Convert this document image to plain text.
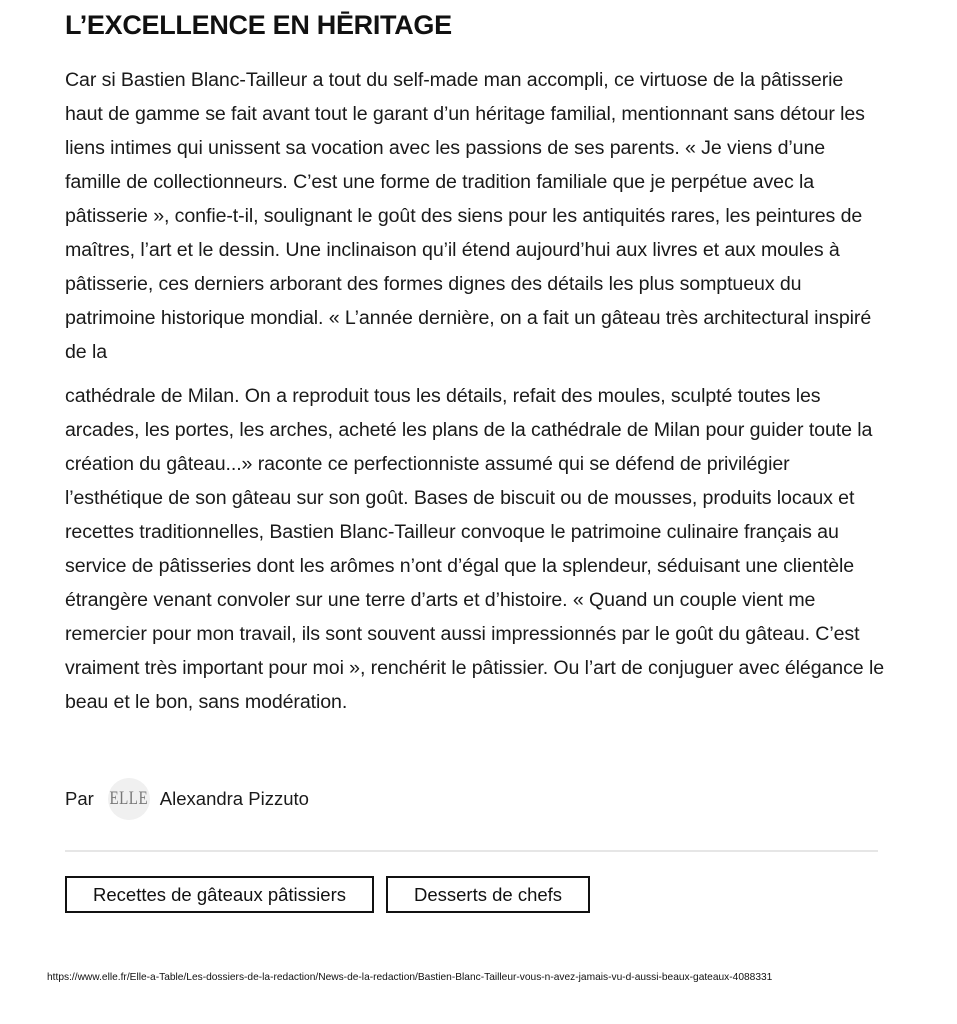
L’EXCELLENCE EN HĒRITAGE

Car si Bastien Blanc-Tailleur a tout du self-made man accompli, ce virtuose de la pâtisserie haut de gamme se fait avant tout le garant d’un héritage familial, mentionnant sans détour les liens intimes qui unissent sa vocation avec les passions de ses parents. « Je viens d’une famille de collectionneurs. C’est une forme de tradition familiale que je perpétue avec la pâtisserie », confie-t-il, soulignant le goût des siens pour les antiquités rares, les peintures de maîtres, l’art et le dessin. Une inclinaison qu’il étend aujourd’hui aux livres et aux moules à pâtisserie, ces derniers arborant des formes dignes des détails les plus somptueux du patrimoine historique mondial. « L’année dernière, on a fait un gâteau très architectural inspiré de la

cathédrale de Milan. On a reproduit tous les détails, refait des moules, sculpté toutes les arcades, les portes, les arches, acheté les plans de la cathédrale de Milan pour guider toute la création du gâteau...» raconte ce perfectionniste assumé qui se défend de privilégier l’esthétique de son gâteau sur son goût. Bases de biscuit ou de mousses, produits locaux et recettes traditionnelles, Bastien Blanc-Tailleur convoque le patrimoine culinaire français au service de pâtisseries dont les arômes n’ont d’égal que la splendeur, séduisant une clientèle étrangère venant convoler sur une terre d’arts et d’histoire. « Quand un couple vient me remercier pour mon travail, ils sont souvent aussi impressionnés par le goût du gâteau. C’est vraiment très important pour moi », renchérit le pâtissier. Ou l’art de conjuguer avec élégance le beau et le bon, sans modération.

Par ELLE Alexandra Pizzuto
Recettes de gâteaux pâtissiers	Desserts de chefs
https://www.elle.fr/Elle-a-Table/Les-dossiers-de-la-redaction/News-de-la-redaction/Bastien-Blanc-Tailleur-vous-n-avez-jamais-vu-d-aussi-beaux-gateaux-4088331
